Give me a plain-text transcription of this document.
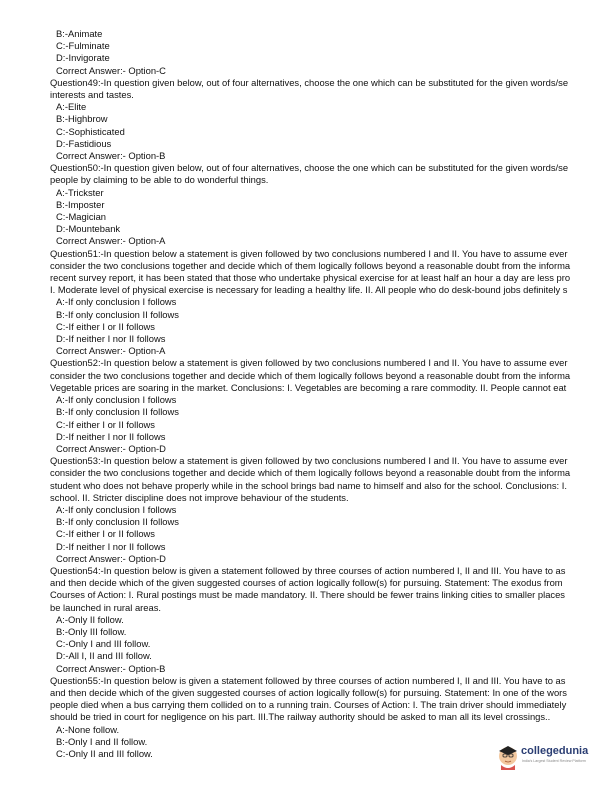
B:-Animate
C:-Fulminate
D:-Invigorate
Correct Answer:- Option-C
Question49:-In question given below, out of four alternatives, choose the one which can be substituted for the given words/se
interests and tastes.
A:-Elite
B:-Highbrow
C:-Sophisticated
D:-Fastidious
Correct Answer:- Option-B
Question50:-In question given below, out of four alternatives, choose the one which can be substituted for the given words/se
people by claiming to be able to do wonderful things.
A:-Trickster
B:-Imposter
C:-Magician
D:-Mountebank
Correct Answer:- Option-A
Question51:-In question below a statement is given followed by two conclusions numbered I and II. You have to assume ever
consider the two conclusions together and decide which of them logically follows beyond a reasonable doubt from the informa
recent survey report, it has been stated that those who undertake physical exercise for at least half an hour a day are less pro
I. Moderate level of physical exercise is necessary for leading a healthy life. II. All people who do desk-bound jobs definitely s
A:-If only conclusion I follows
B:-If only conclusion II follows
C:-If either I or II follows
D:-If neither I nor II follows
Correct Answer:- Option-A
Question52:-In question below a statement is given followed by two conclusions numbered I and II. You have to assume ever
consider the two conclusions together and decide which of them logically follows beyond a reasonable doubt from the informa
Vegetable prices are soaring in the market. Conclusions: I. Vegetables are becoming a rare commodity. II. People cannot eat
A:-If only conclusion I follows
B:-If only conclusion II follows
C:-If either I or II follows
D:-If neither I nor II follows
Correct Answer:- Option-D
Question53:-In question below a statement is given followed by two conclusions numbered I and II. You have to assume ever
consider the two conclusions together and decide which of them logically follows beyond a reasonable doubt from the informa
student who does not behave properly while in the school brings bad name to himself and also for the school. Conclusions: I.
school. II. Stricter discipline does not improve behaviour of the students.
A:-If only conclusion I follows
B:-If only conclusion II follows
C:-If either I or II follows
D:-If neither I nor II follows
Correct Answer:- Option-D
Question54:-In question below is given a statement followed by three courses of action numbered I, II and III. You have to as
and then decide which of the given suggested courses of action logically follow(s) for pursuing. Statement: The exodus from
Courses of Action: I. Rural postings must be made mandatory. II. There should be fewer trains linking cities to smaller places
be launched in rural areas.
A:-Only II follow.
B:-Only III follow.
C:-Only I and III follow.
D:-All I, II and III follow.
Correct Answer:- Option-B
Question55:-In question below is given a statement followed by three courses of action numbered I, II and III. You have to as
and then decide which of the given suggested courses of action logically follow(s) for pursuing. Statement: In one of the wors
people died when a bus carrying them collided on to a running train. Courses of Action: I. The train driver should immediately
should be tried in court for negligence on his part. III.The railway authority should be asked to man all its level crossings..
A:-None follow.
B:-Only I and II follow.
C:-Only II and III follow.	collegedunia
India's Largest Student Review Platform
